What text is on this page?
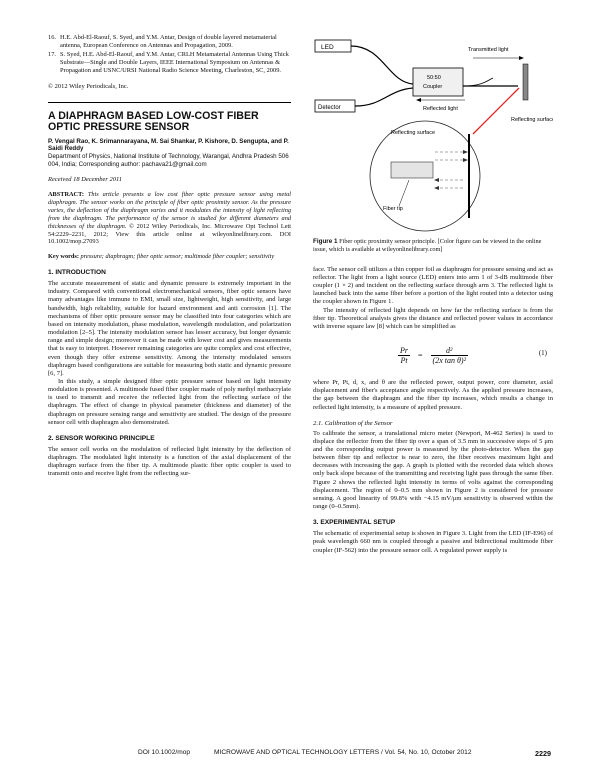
16. H.E. Abd-El-Raouf, S. Syed, and Y.M. Antar, Design of double layered metamaterial antenna, European Conference on Antennas and Propagation, 2009.
17. S. Syed, H.E. Abd-El-Raouf, and Y.M. Antar, CRLH Metamaterial Antennas Using Thick Substrate—Single and Double Layers, IEEE International Symposium on Antennas & Propagation and USNC/URSI National Radio Science Meeting, Charleston, SC, 2009.
© 2012 Wiley Periodicals, Inc.
A DIAPHRAGM BASED LOW-COST FIBER OPTIC PRESSURE SENSOR
P. Vengal Rao, K. Srimannarayana, M. Sai Shankar, P. Kishore, D. Sengupta, and P. Saidi Reddy
Department of Physics, National Institute of Technology, Warangal, Andhra Pradesh 506 004, India; Corresponding author: pachava21@gmail.com
Received 18 December 2011
ABSTRACT: This article presents a low cost fiber optic pressure sensor using metal diaphragm. The sensor works on the principle of fiber optic proximity sensor. As the pressure varies, the deflection of the diaphragm varies and it modulates the intensity of light reflecting from the diaphragm. The performance of the sensor is studied for different diameters and thicknesses of the diaphragm. © 2012 Wiley Periodicals, Inc. Microwave Opt Technol Lett 54:2229–2231, 2012; View this article online at wileyonlinelibrary.com. DOI 10.1002/mop.27093
Key words: pressure; diaphragm; fiber optic sensor; multimode fiber coupler; sensitivity
1. INTRODUCTION

The accurate measurement of static and dynamic pressure is extremely important in the industry. Compared with conventional electromechanical sensors, fiber optic sensors have many advantages like immune to EMI, small size, lightweight, high sensitivity, and large bandwidth, high reliability, suitable for hazard environment and anti corrosion [1]. The mechanisms of fiber optic pressure sensor may be classified into four categories which are based on intensity modulation, phase modulation, wavelength modulation, and polarization modulation [2–5]. The intensity modulation sensor has lesser accuracy, but longer dynamic range and simple design; moreover it can be made with lower cost and gives measurements that is easy to interpret. However remaining categories are quite complex and cost effective, even though they offer extreme sensitivity. Among the intensity modulated sensors diaphragm based configurations are suitable for measuring both static and dynamic pressure [6, 7].

In this study, a simple designed fiber optic pressure sensor based on light intensity modulation is presented. A multimode fused fiber coupler made of poly methyl methacrylate is used to transmit and receive the reflected light from the reflecting surface of the diaphragm. The effect of change in physical parameter (thickness and diameter) of the diaphragm on pressure sensing range and sensitivity are studied. The design of the pressure sensor cell with diaphragm also demonstrated.

2. SENSOR WORKING PRINCIPLE

The sensor cell works on the modulation of reflected light intensity by the deflection of diaphragm. The modulated light intensity is a function of the axial displacement of the diaphragm surface from the fiber tip. A multimode plastic fiber optic coupler is used to transmit onto and receive light from the reflecting sur-

LED
Detector
50:50
Coupler
Transmitted light
Reflected light
Reflecting surface
Reflecting surface
Fiber tip
Figure 1 Fiber optic proximity sensor principle. [Color figure can be viewed in the online issue, which is available at wileyonlinelibrary.com]

face. The sensor cell utilizes a thin copper foil as diaphragm for pressure sensing and act as reflector. The light from a light source (LED) enters into arm 1 of 3-dB multimode fiber coupler (1 × 2) and incident on the reflecting surface through arm 3. The reflected light is launched back into the same fiber before a portion of the light routed into a detector using the coupler shown in Figure 1.

The intensity of reflected light depends on how far the reflecting surface is from the fiber tip. Theoretical analysis gives the distance and reflected power values in accordance with inverse square law [8] which can be simplified as

$\frac{Pr}{Pt} = \frac{\text{d²}}{\text{(2x tan θ)²}}$	(1)

where Pr, Pt, d, x, and θ are the reflected power, output power, core diameter, axial displacement and fiber's acceptance angle respectively. As the applied pressure increases, the gap between the diaphragm and the fiber tip increases, which results a change in reflected light intensity, is a measure of applied pressure.

2.1. Calibration of the Sensor

To calibrate the sensor, a translational micro meter (Newport, M-462 Series) is used to displace the reflector from the fiber tip over a span of 3.5 mm in successive steps of 5 μm and the corresponding output power is measured by the photo-detector. When the gap between fiber tip and reflector is near to zero, the fiber receives maximum light and decreases with increasing the gap. A graph is plotted with the recorded data which shows only back slope because of the transmitting and receiving light pass through the same fiber. Figure 2 shows the reflected light intensity in terms of volts against the corresponding displacement. The region of 0–0.5 mm shown in Figure 2 is considered for pressure sensing. A good linearity of 99.8% with −4.15 mV/μm sensitivity is observed within the range (0–0.5mm).

3. EXPERIMENTAL SETUP

The schematic of experimental setup is shown in Figure 3. Light from the LED (IF-E96) of peak wavelength 660 nm is coupled through a passive and bidirectional multimode fiber coupler (IF-562) into the pressure sensor cell. A regulated power supply is

DOI 10.1002/mop	MICROWAVE AND OPTICAL TECHNOLOGY LETTERS / Vol. 54, No. 10, October 2012	2229
